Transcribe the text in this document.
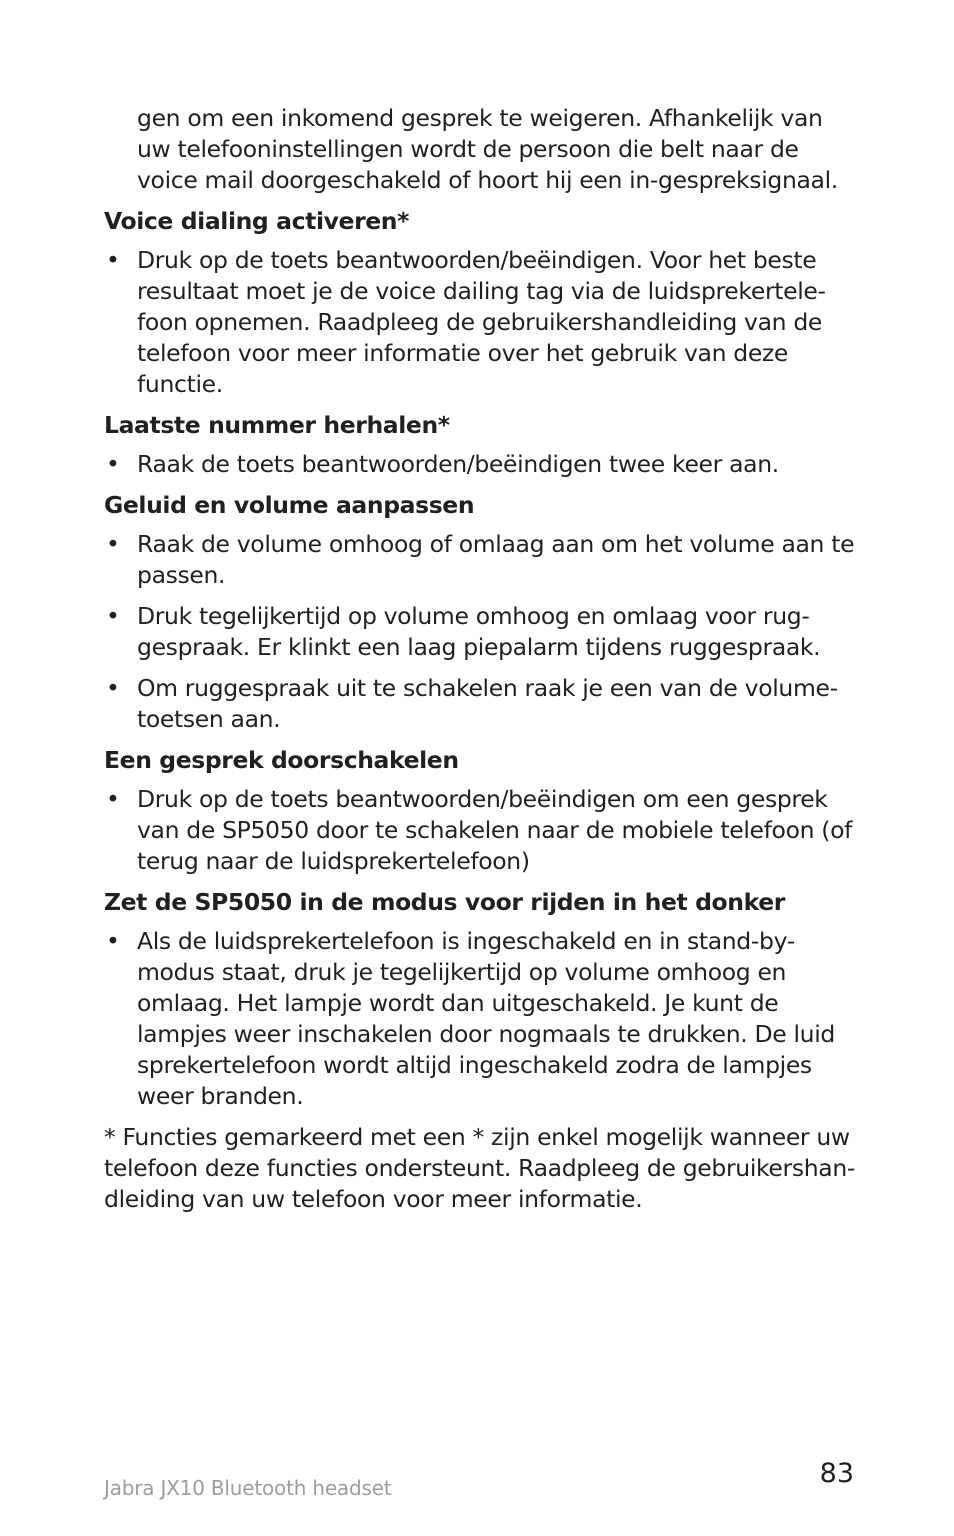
gen om een inkomend gesprek te weigeren. Afhankelijk van
uw telefooninstellingen wordt de persoon die belt naar de
voice mail doorgeschakeld of hoort hij een in-gespreksignaal.

Voice dialing activeren*
• Druk op de toets beantwoorden/beëindigen. Voor het beste
resultaat moet je de voice dailing tag via de luidsprekertele-
foon opnemen. Raadpleeg de gebruikershandleiding van de
telefoon voor meer informatie over het gebruik van deze
functie.
Laatste nummer herhalen*
• Raak de toets beantwoorden/beëindigen twee keer aan.
Geluid en volume aanpassen
• Raak de volume omhoog of omlaag aan om het volume aan te
passen.
• Druk tegelijkertijd op volume omhoog en omlaag voor rug-
gespraak. Er klinkt een laag piepalarm tijdens ruggespraak.
• Om ruggespraak uit te schakelen raak je een van de volume-
toetsen aan.
Een gesprek doorschakelen
• Druk op de toets beantwoorden/beëindigen om een gesprek
van de SP5050 door te schakelen naar de mobiele telefoon (of
terug naar de luidsprekertelefoon)
Zet de SP5050 in de modus voor rijden in het donker
• Als de luidsprekertelefoon is ingeschakeld en in stand-by-
modus staat, druk je tegelijkertijd op volume omhoog en
omlaag. Het lampje wordt dan uitgeschakeld. Je kunt de
lampjes weer inschakelen door nogmaals te drukken. De luid
sprekertelefoon wordt altijd ingeschakeld zodra de lampjes
weer branden.

* Functies gemarkeerd met een * zijn enkel mogelijk wanneer uw
telefoon deze functies ondersteunt. Raadpleeg de gebruikershan-
dleiding van uw telefoon voor meer informatie.

Jabra JX10 Bluetooth headset	83
